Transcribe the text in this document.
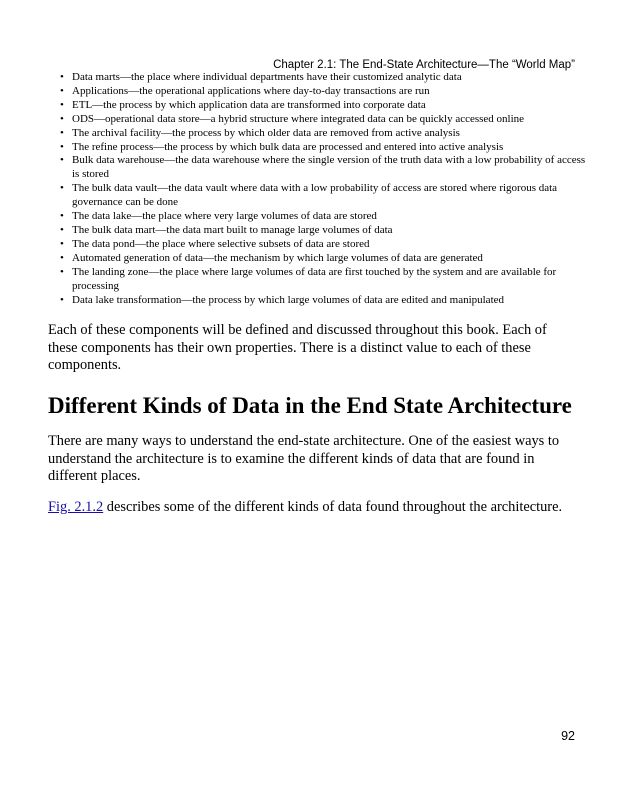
Chapter 2.1: The End-State Architecture—The “World Map”
• Data marts—the place where individual departments have their customized analytic data
• Applications—the operational applications where day-to-day transactions are run
• ETL—the process by which application data are transformed into corporate data
• ODS—operational data store—a hybrid structure where integrated data can be quickly accessed online
• The archival facility—the process by which older data are removed from active analysis
• The refine process—the process by which bulk data are processed and entered into active analysis
• Bulk data warehouse—the data warehouse where the single version of the truth data with a low probability of access is stored
• The bulk data vault—the data vault where data with a low probability of access are stored where rigorous data governance can be done
• The data lake—the place where very large volumes of data are stored
• The bulk data mart—the data mart built to manage large volumes of data
• The data pond—the place where selective subsets of data are stored
• Automated generation of data—the mechanism by which large volumes of data are generated
• The landing zone—the place where large volumes of data are first touched by the system and are available for processing
• Data lake transformation—the process by which large volumes of data are edited and manipulated

Each of these components will be defined and discussed throughout this book. Each of these components has their own properties. There is a distinct value to each of these components.

Different Kinds of Data in the End State Architecture

There are many ways to understand the end-state architecture. One of the easiest ways to understand the architecture is to examine the different kinds of data that are found in different places.

Fig. 2.1.2 describes some of the different kinds of data found throughout the architecture.

92
